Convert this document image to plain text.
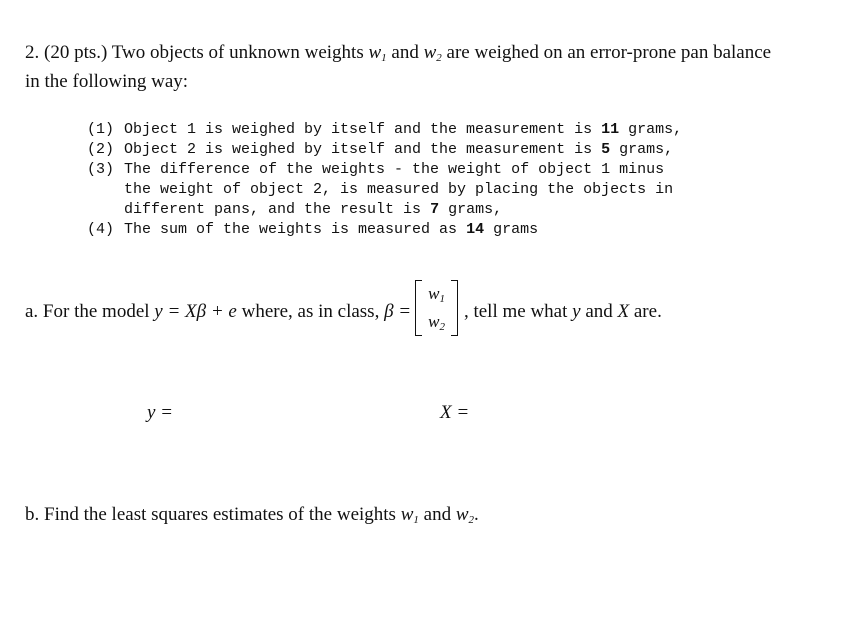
2. (20 pts.) Two objects of unknown weights $w_1$ and $w_2$ are weighed on an error-prone pan balance
in the following way:
(1) Object 1 is weighed by itself and the measurement is 11 grams,
(2) Object 2 is weighed by itself and the measurement is 5 grams,
(3) The difference of the weights - the weight of object 1 minus
the weight of object 2, is measured by placing the objects in
different pans, and the result is 7 grams,
(4) The sum of the weights is measured as 14 grams
a. For the model
y = Xβ + e
where, as in class,
β =
$w_1$
$w_2$
,
tell me what
y
and
X
are.
y =	X =
b. Find the least squares estimates of the weights $w_1$ and $w_2$.
